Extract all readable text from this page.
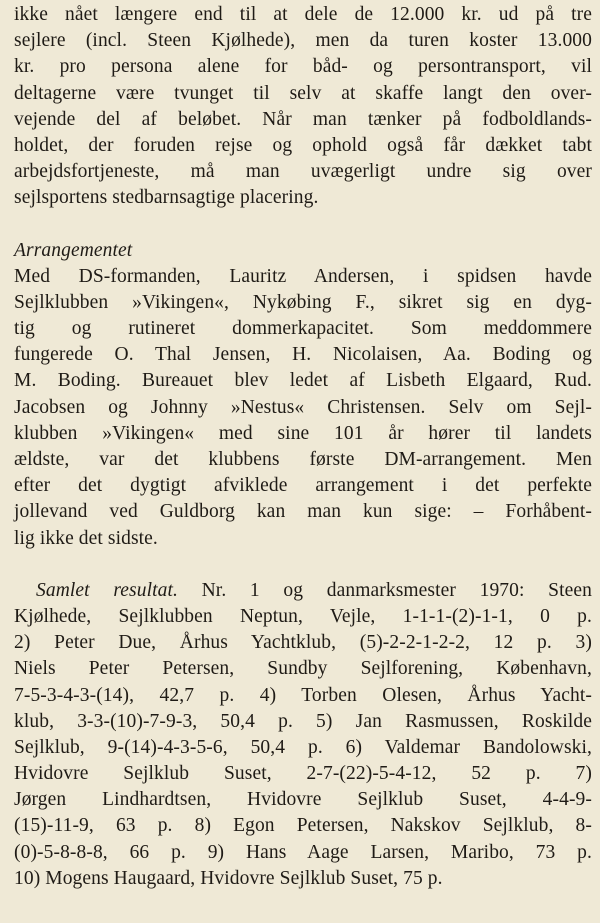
ikke nået længere end til at dele de 12.000 kr. ud på tre
sejlere (incl. Steen Kjølhede), men da turen koster 13.000
kr. pro persona alene for båd- og persontransport, vil
deltagerne være tvunget til selv at skaffe langt den over-
vejende del af beløbet. Når man tænker på fodboldlands-
holdet, der foruden rejse og ophold også får dækket tabt
arbejdsfortjeneste, må man uvægerligt undre sig over
sejlsportens stedbarnsagtige placering.
Arrangementet
Med DS-formanden, Lauritz Andersen, i spidsen havde
Sejlklubben »Vikingen«, Nykøbing F., sikret sig en dyg-
tig og rutineret dommerkapacitet. Som meddommere
fungerede O. Thal Jensen, H. Nicolaisen, Aa. Boding og
M. Boding. Bureauet blev ledet af Lisbeth Elgaard, Rud.
Jacobsen og Johnny »Nestus« Christensen. Selv om Sejl-
klubben »Vikingen« med sine 101 år hører til landets
ældste, var det klubbens første DM-arrangement. Men
efter det dygtigt afviklede arrangement i det perfekte
jollevand ved Guldborg kan man kun sige: – Forhåbent-
lig ikke det sidste.
Samlet resultat. Nr. 1 og danmarksmester 1970: Steen
Kjølhede, Sejlklubben Neptun, Vejle, 1-1-1-(2)-1-1, 0 p.
2) Peter Due, Århus Yachtklub, (5)-2-2-1-2-2, 12 p. 3)
Niels Peter Petersen, Sundby Sejlforening, København,
7-5-3-4-3-(14), 42,7 p. 4) Torben Olesen, Århus Yacht-
klub, 3-3-(10)-7-9-3, 50,4 p. 5) Jan Rasmussen, Roskilde
Sejlklub, 9-(14)-4-3-5-6, 50,4 p. 6) Valdemar Bandolowski,
Hvidovre Sejlklub Suset, 2-7-(22)-5-4-12, 52 p. 7)
Jørgen Lindhardtsen, Hvidovre Sejlklub Suset, 4-4-9-
(15)-11-9, 63 p. 8) Egon Petersen, Nakskov Sejlklub, 8-
(0)-5-8-8-8, 66 p. 9) Hans Aage Larsen, Maribo, 73 p.
10) Mogens Haugaard, Hvidovre Sejlklub Suset, 75 p.
